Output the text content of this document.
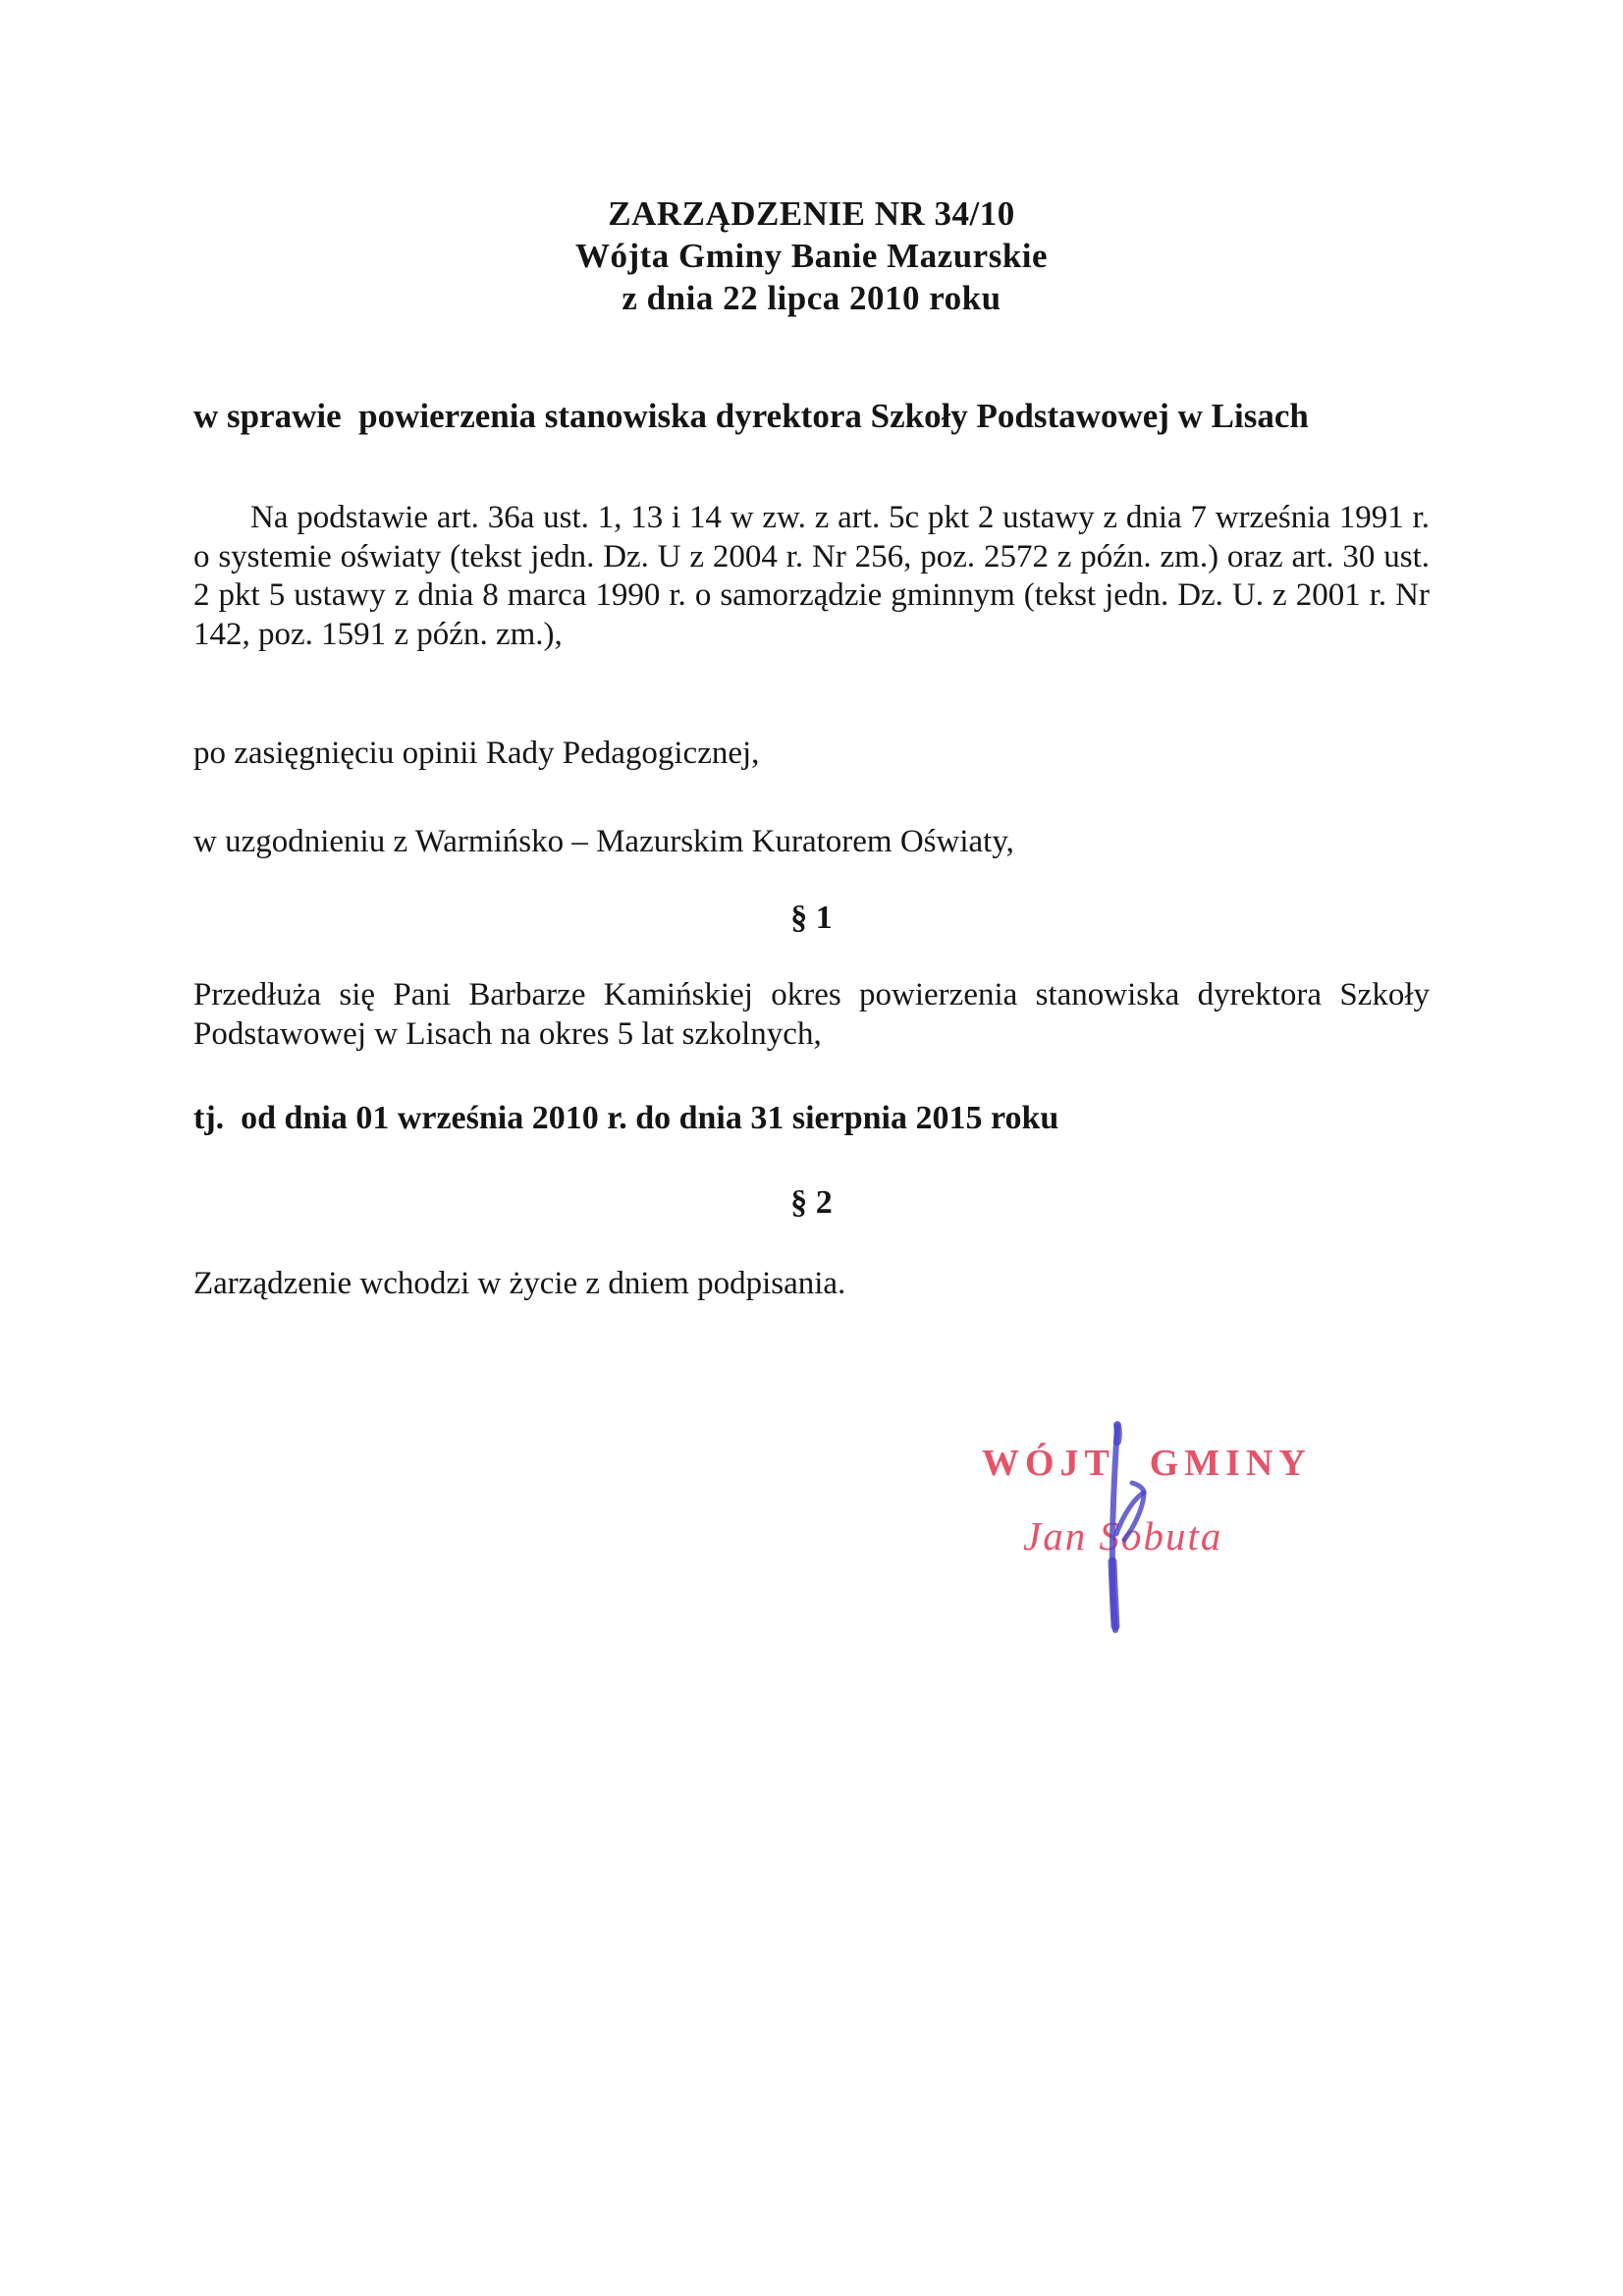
ZARZĄDZENIE NR 34/10
Wójta Gminy Banie Mazurskie
z dnia 22 lipca 2010 roku
w sprawie  powierzenia stanowiska dyrektora Szkoły Podstawowej w Lisach

Na podstawie art. 36a ust. 1, 13 i 14 w zw. z art. 5c pkt 2 ustawy z dnia 7 września 1991 r. o systemie oświaty (tekst jedn. Dz. U z 2004 r. Nr 256, poz. 2572 z późn. zm.) oraz art. 30 ust. 2 pkt 5 ustawy z dnia 8 marca 1990 r. o samorządzie gminnym (tekst jedn. Dz. U. z 2001 r. Nr 142, poz. 1591 z późn. zm.),

po zasięgnięciu opinii Rady Pedagogicznej,

w uzgodnieniu z Warmińsko – Mazurskim Kuratorem Oświaty,

§ 1

Przedłuża się Pani Barbarze Kamińskiej okres powierzenia stanowiska dyrektora Szkoły Podstawowej w Lisach na okres 5 lat szkolnych,

tj.  od dnia 01 września 2010 r. do dnia 31 sierpnia 2015 roku

§ 2

Zarządzenie wchodzi w życie z dniem podpisania.

WÓJT GMINY
Jan Sobuta
